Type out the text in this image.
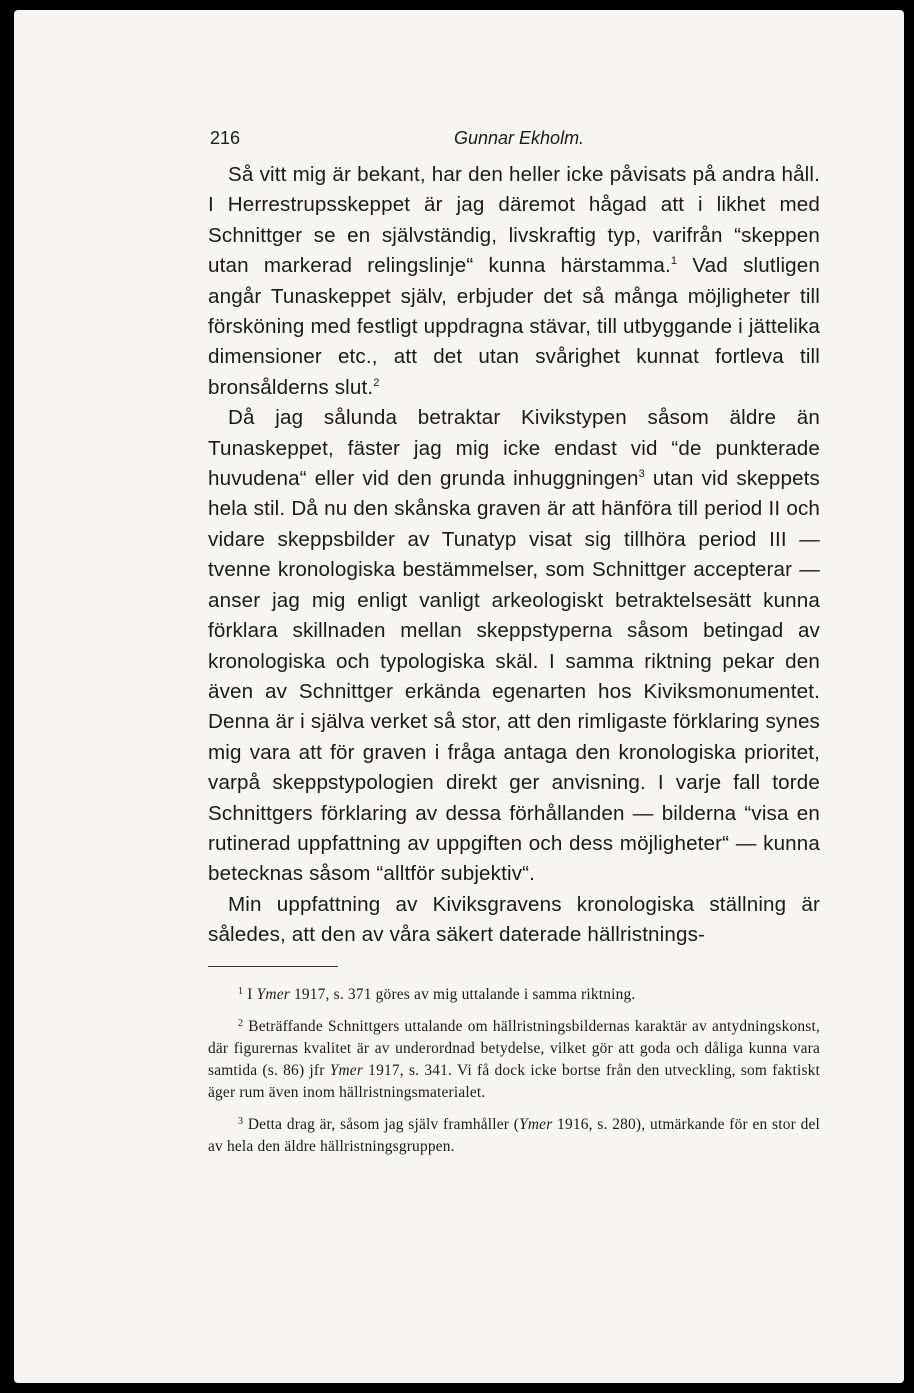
216	Gunnar Ekholm.

Så vitt mig är bekant, har den heller icke påvisats på andra håll. I Herrestrupsskeppet är jag däremot hågad att i likhet med Schnittger se en självständig, livskraftig typ, varifrån “skeppen utan markerad relingslinje“ kunna härstamma.$^1$ Vad slutligen angår Tunaskeppet själv, erbjuder det så många möjligheter till försköning med festligt uppdragna stävar, till utbyggande i jättelika dimensioner etc., att det utan svårighet kunnat fortleva till bronsålderns slut.$^2$

Då jag sålunda betraktar Kivikstypen såsom äldre än Tunaskeppet, fäster jag mig icke endast vid “de punkterade huvudena“ eller vid den grunda inhuggningen$^3$ utan vid skeppets hela stil. Då nu den skånska graven är att hänföra till period II och vidare skeppsbilder av Tunatyp visat sig tillhöra period III — tvenne kronologiska bestämmelser, som Schnittger accepterar — anser jag mig enligt vanligt arkeologiskt betraktelsesätt kunna förklara skillnaden mellan skeppstyperna såsom betingad av kronologiska och typologiska skäl. I samma riktning pekar den även av Schnittger erkända egenarten hos Kiviksmonumentet. Denna är i själva verket så stor, att den rimligaste förklaring synes mig vara att för graven i fråga antaga den kronologiska prioritet, varpå skeppstypologien direkt ger anvisning. I varje fall torde Schnittgers förklaring av dessa förhållanden — bilderna “visa en rutinerad uppfattning av uppgiften och dess möjligheter“ — kunna betecknas såsom “alltför subjektiv“.

Min uppfattning av Kiviksgravens kronologiska ställning är således, att den av våra säkert daterade hällristnings-

$^1$ I Ymer 1917, s. 371 göres av mig uttalande i samma riktning.

$^2$ Beträffande Schnittgers uttalande om hällristningsbildernas karaktär av antydningskonst, där figurernas kvalitet är av underordnad betydelse, vilket gör att goda och dåliga kunna vara samtida (s. 86) jfr Ymer 1917, s. 341. Vi få dock icke bortse från den utveckling, som faktiskt äger rum även inom hällristningsmaterialet.

$^3$ Detta drag är, såsom jag själv framhåller (Ymer 1916, s. 280), utmärkande för en stor del av hela den äldre hällristningsgruppen.
